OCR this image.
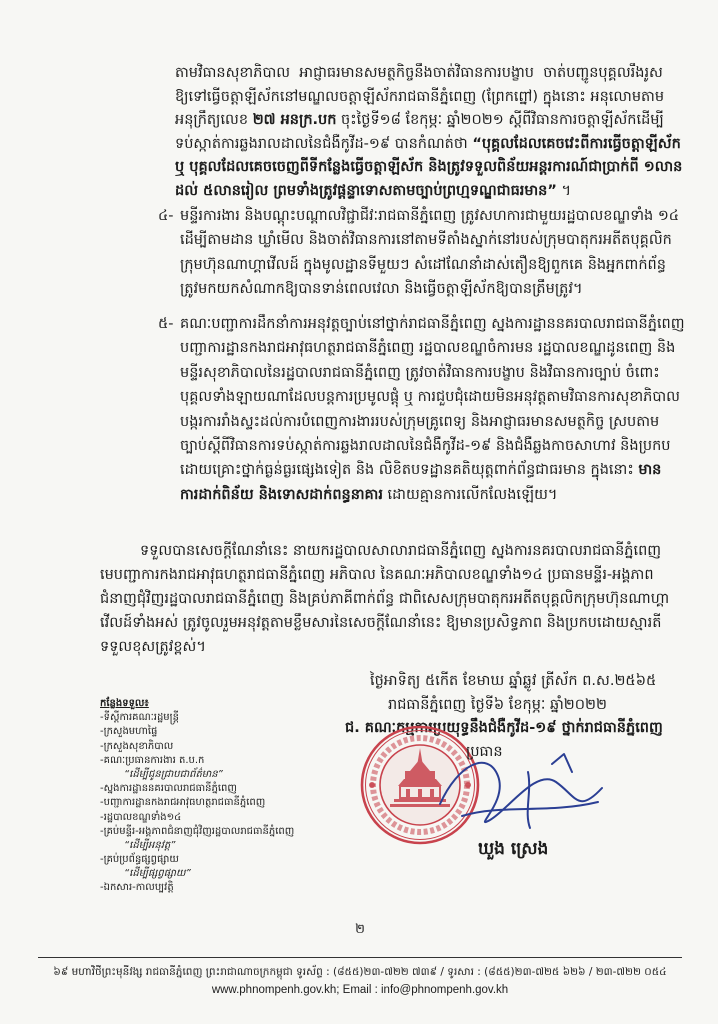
តាមវិធានសុខាភិបាល  អាជ្ញាធរមានសមត្ថកិច្ចនឹងចាត់វិធានការបង្ខាប  ចាត់បញ្ជូនបុគ្គលរឹងរូស
ឱ្យទៅធ្វើចត្តាឡីស័កនៅមណ្ឌលចត្តាឡីស័ករាជធានីភ្នំពេញ (ព្រែកព្នៅ) ក្នុងនោះ អនុលោមតាម
អនុក្រឹត្យលេខ ២៧ អនក្រ.បក ចុះថ្ងៃទី១៨ ខែកុម្ភៈ ឆ្នាំ២០២១ ស្តីពីវិធានការចត្តាឡីស័កដើម្បី
ទប់ស្កាត់ការឆ្លងរាលដាលនៃជំងឺកូវីដ-១៩ បានកំណត់ថា “បុគ្គលដែលគេចវេះពីការធ្វើចត្តាឡីស័ក
ឬ បុគ្គលដែលគេចចេញពីទីកន្លែងធ្វើចត្តាឡីស័ក និងត្រូវទទួលពិន័យអន្តរការណ៍ជាប្រាក់ពី ១លាន
ដល់ ៥លានរៀល ព្រមទាំងត្រូវផ្តន្ទាទោសតាមច្បាប់ព្រហ្មទណ្ឌជាធរមាន” ។
៤- មន្ទីរការងារ និងបណ្តុះបណ្តាលវិជ្ជាជីវៈរាជធានីភ្នំពេញ ត្រូវសហការជាមួយរដ្ឋបាលខណ្ឌទាំង ១៤
ដើម្បីតាមដាន ឃ្លាំមើល និងចាត់វិធានការនៅតាមទីតាំងស្នាក់នៅរបស់ក្រុមបាតុករអតីតបុគ្គលិក
ក្រុមហ៊ុនណាហ្គាវើលដ៍ ក្នុងមូលដ្ឋានទីមួយៗ សំដៅណែនាំដាស់តឿនឱ្យពួកគេ និងអ្នកពាក់ព័ន្ធ
ត្រូវមកយកសំណាកឱ្យបានទាន់ពេលវេលា និងធ្វើចត្តាឡីស័កឱ្យបានត្រឹមត្រូវ។
៥- គណៈបញ្ជាការដឹកនាំការអនុវត្តច្បាប់នៅថ្នាក់រាជធានីភ្នំពេញ ស្នងការដ្ឋាននគរបាលរាជធានីភ្នំពេញ
បញ្ជាការដ្ឋានកងរាជអាវុធហត្ថរាជធានីភ្នំពេញ រដ្ឋបាលខណ្ឌចំការមន រដ្ឋបាលខណ្ឌដូនពេញ និង
មន្ទីរសុខាភិបាលនៃរដ្ឋបាលរាជធានីភ្នំពេញ ត្រូវចាត់វិធានការបង្ខាប និងវិធានការច្បាប់ ចំពោះ
បុគ្គលទាំងឡាយណាដែលបន្តការប្រមូលផ្តុំ ឬ ការជួបជុំដោយមិនអនុវត្តតាមវិធានការសុខាភិបាល
បង្ករការរាំងស្ទះដល់ការបំពេញការងាររបស់ក្រុមគ្រូពេទ្យ និងអាជ្ញាធរមានសមត្ថកិច្ច ស្របតាម
ច្បាប់ស្តីពីវិធានការទប់ស្កាត់ការឆ្លងរាលដាលនៃជំងឺកូវីដ-១៩ និងជំងឺឆ្លងកាចសាហាវ និងប្រកប
ដោយគ្រោះថ្នាក់ធ្ងន់ធ្ងរផ្សេងទៀត និង លិខិតបទដ្ឋានគតិយុត្តពាក់ព័ន្ធជាធរមាន ក្នុងនោះ មាន
ការដាក់ពិន័យ និងទោសដាក់ពន្ធនាគារ ដោយគ្មានការលើកលែងឡើយ។
ទទួលបានសេចក្តីណែនាំនេះ នាយករដ្ឋបាលសាលារាជធានីភ្នំពេញ ស្នងការនគរបាលរាជធានីភ្នំពេញ
មេបញ្ជាការកងរាជអាវុធហត្ថរាជធានីភ្នំពេញ អភិបាល នៃគណៈអភិបាលខណ្ឌទាំង១៤ ប្រធានមន្ទីរ-អង្គភាព
ជំនាញជុំវិញរដ្ឋបាលរាជធានីភ្នំពេញ និងគ្រប់ភាគីពាក់ព័ន្ធ ជាពិសេសក្រុមបាតុករអតីតបុគ្គលិកក្រុមហ៊ុនណាហ្គា
វើលដ៍ទាំងអស់ ត្រូវចូលរួមអនុវត្តតាមខ្លឹមសារនៃសេចក្តីណែនាំនេះ ឱ្យមានប្រសិទ្ធភាព និងប្រកបដោយស្មារតី
ទទួលខុសត្រូវខ្ពស់។
ថ្ងៃអាទិត្យ ៥កើត ខែមាឃ ឆ្នាំឆ្លូវ ត្រីស័ក ព.ស.២៥៦៥
រាជធានីភ្នំពេញ ថ្ងៃទី៦ ខែកុម្ភៈ ឆ្នាំ២០២២
ជ. គណៈកម្មការប្រយុទ្ធនឹងជំងឺកូវីដ-១៩ ថ្នាក់រាជធានីភ្នំពេញ
កន្លែងទទួល៖
-ទីស្តីការគណៈរដ្ឋមន្ត្រី
-ក្រសួងមហាផ្ទៃ
-ក្រសួងសុខាភិបាល
-គណៈប្រធានការងារ ត.ប.ក
“ដើម្បីជូនជ្រាបជាព័ត៌មាន”
-ស្នងការដ្ឋាននគរបាលរាជធានីភ្នំពេញ
-បញ្ជាការដ្ឋានកងរាជអាវុធហត្ថរាជធានីភ្នំពេញ
-រដ្ឋបាលខណ្ឌទាំង១៤
-គ្រប់មន្ទីរ-អង្គភាពជំនាញជុំវិញរដ្ឋបាលរាជធានីភ្នំពេញ
“ដើម្បីអនុវត្ត”
-គ្រប់ប្រព័ន្ធផ្សព្វផ្សាយ
“ដើម្បីផ្សព្វផ្សាយ”
-ឯកសារ-កាលប្បវត្តិ
ប្រធាន
ឃួង ស្រេង
២
៦៩ មហាវិថីព្រះមុនីវង្ស រាជធានីភ្នំពេញ ព្រះរាជាណាចក្រកម្ពុជា ទូរស័ព្ទ : (៨៥៥)២៣-៧២២ ៧៣៩ / ទូរសារ : (៨៥៥)២៣-៧២៥ ៦២៦ / ២៣-៧២២ ០៥៤
www.phnompenh.gov.kh; Email : info@phnompenh.gov.kh
